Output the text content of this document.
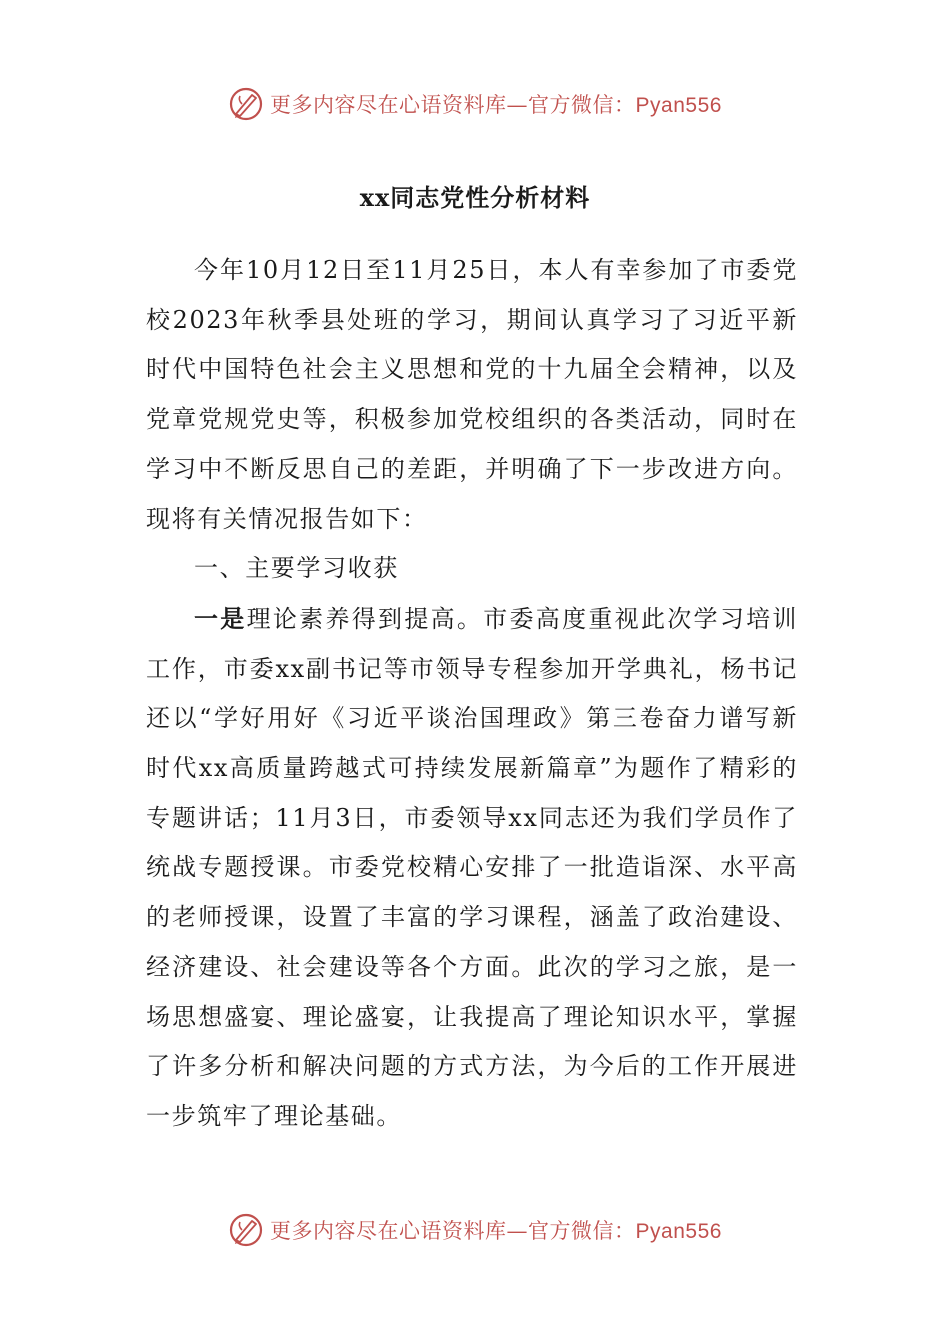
更多内容尽在心语资料库—官方微信：Pyan556
xx同志党性分析材料

今年10月12日至11月25日，本人有幸参加了市委党校2023年秋季县处班的学习，期间认真学习了习近平新时代中国特色社会主义思想和党的十九届全会精神，以及党章党规党史等，积极参加党校组织的各类活动，同时在学习中不断反思自己的差距，并明确了下一步改进方向。现将有关情况报告如下：

一、主要学习收获

一是理论素养得到提高。市委高度重视此次学习培训工作，市委xx副书记等市领导专程参加开学典礼，杨书记还以“学好用好《习近平谈治国理政》第三卷奋力谱写新时代xx高质量跨越式可持续发展新篇章”为题作了精彩的专题讲话；11月3日，市委领导xx同志还为我们学员作了统战专题授课。市委党校精心安排了一批造诣深、水平高的老师授课，设置了丰富的学习课程，涵盖了政治建设、经济建设、社会建设等各个方面。此次的学习之旅，是一场思想盛宴、理论盛宴，让我提高了理论知识水平，掌握了许多分析和解决问题的方式方法，为今后的工作开展进一步筑牢了理论基础。

更多内容尽在心语资料库—官方微信：Pyan556
